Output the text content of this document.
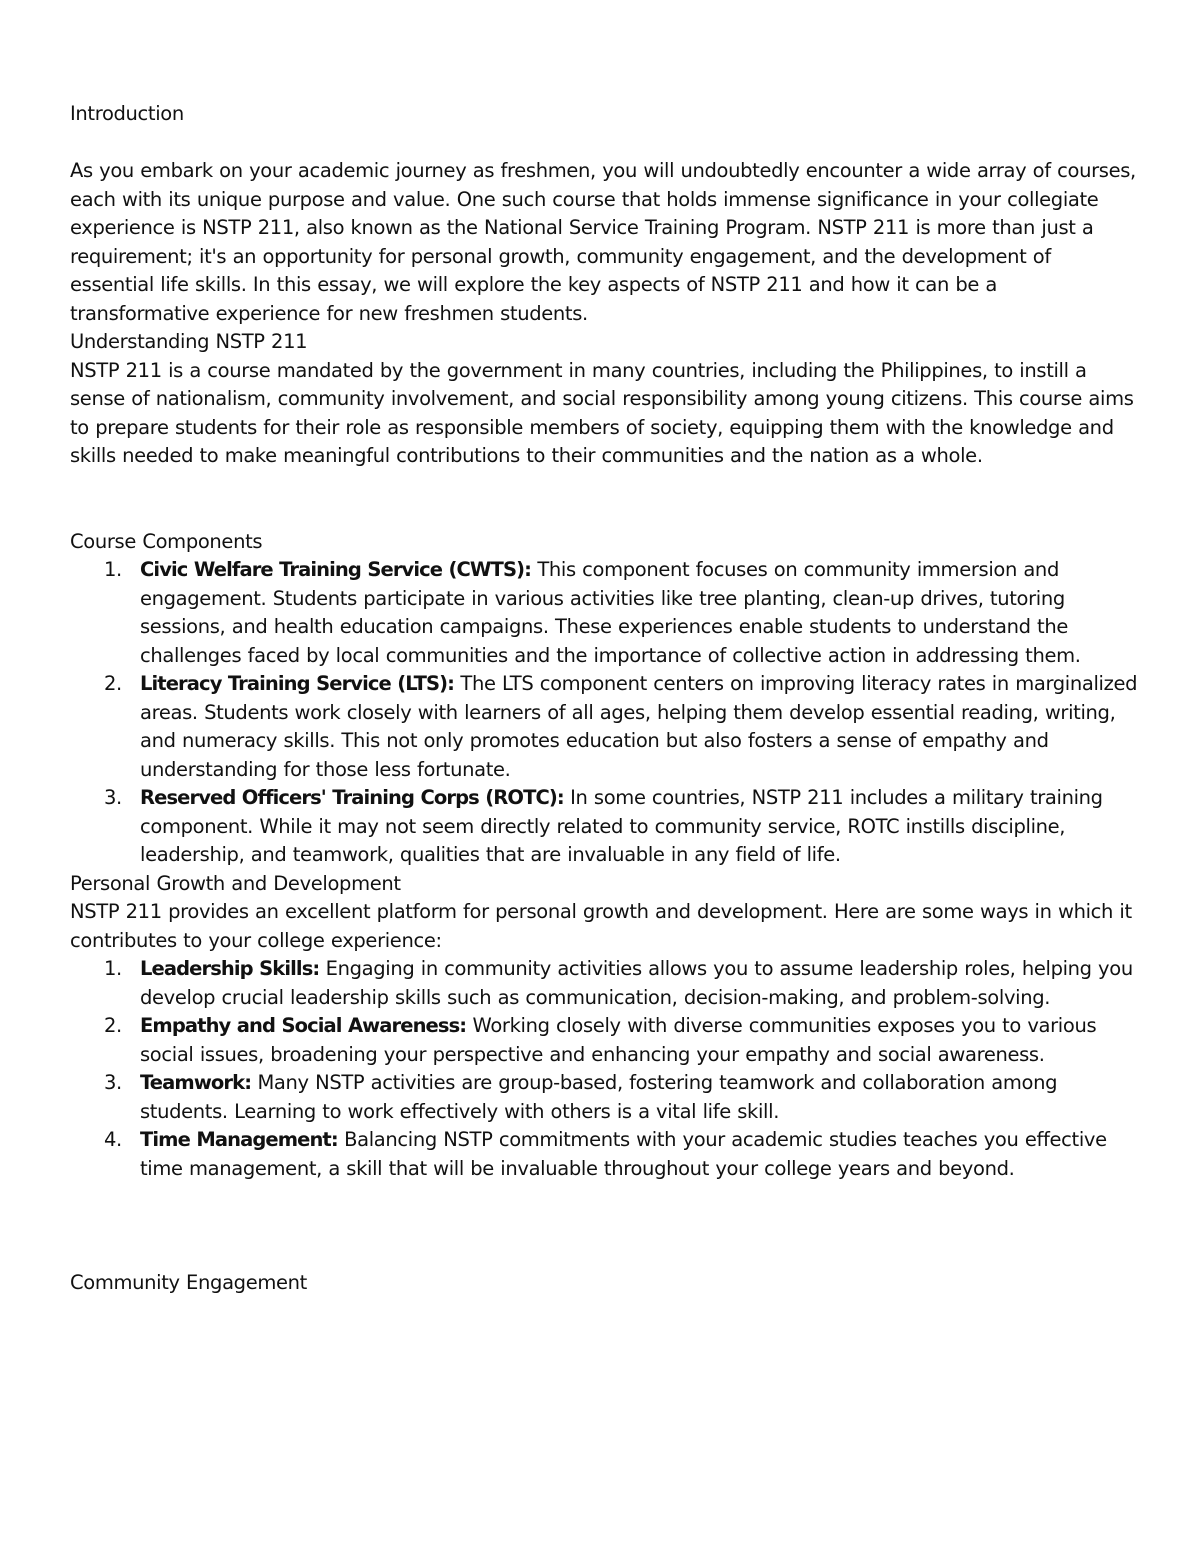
Introduction

As you embark on your academic journey as freshmen, you will undoubtedly encounter a wide array of courses, each with its unique purpose and value. One such course that holds immense significance in your collegiate experience is NSTP 211, also known as the National Service Training Program. NSTP 211 is more than just a requirement; it's an opportunity for personal growth, community engagement, and the development of essential life skills. In this essay, we will explore the key aspects of NSTP 211 and how it can be a transformative experience for new freshmen students.

Understanding NSTP 211

NSTP 211 is a course mandated by the government in many countries, including the Philippines, to instill a sense of nationalism, community involvement, and social responsibility among young citizens. This course aims to prepare students for their role as responsible members of society, equipping them with the knowledge and skills needed to make meaningful contributions to their communities and the nation as a whole.

Course Components

1. Civic Welfare Training Service (CWTS): This component focuses on community immersion and engagement. Students participate in various activities like tree planting, clean-up drives, tutoring sessions, and health education campaigns. These experiences enable students to understand the challenges faced by local communities and the importance of collective action in addressing them.
2. Literacy Training Service (LTS): The LTS component centers on improving literacy rates in marginalized areas. Students work closely with learners of all ages, helping them develop essential reading, writing, and numeracy skills. This not only promotes education but also fosters a sense of empathy and understanding for those less fortunate.
3. Reserved Officers' Training Corps (ROTC): In some countries, NSTP 211 includes a military training component. While it may not seem directly related to community service, ROTC instills discipline, leadership, and teamwork, qualities that are invaluable in any field of life.

Personal Growth and Development

NSTP 211 provides an excellent platform for personal growth and development. Here are some ways in which it contributes to your college experience:

1. Leadership Skills: Engaging in community activities allows you to assume leadership roles, helping you develop crucial leadership skills such as communication, decision-making, and problem-solving.
2. Empathy and Social Awareness: Working closely with diverse communities exposes you to various social issues, broadening your perspective and enhancing your empathy and social awareness.
3. Teamwork: Many NSTP activities are group-based, fostering teamwork and collaboration among students. Learning to work effectively with others is a vital life skill.
4. Time Management: Balancing NSTP commitments with your academic studies teaches you effective time management, a skill that will be invaluable throughout your college years and beyond.

Community Engagement
